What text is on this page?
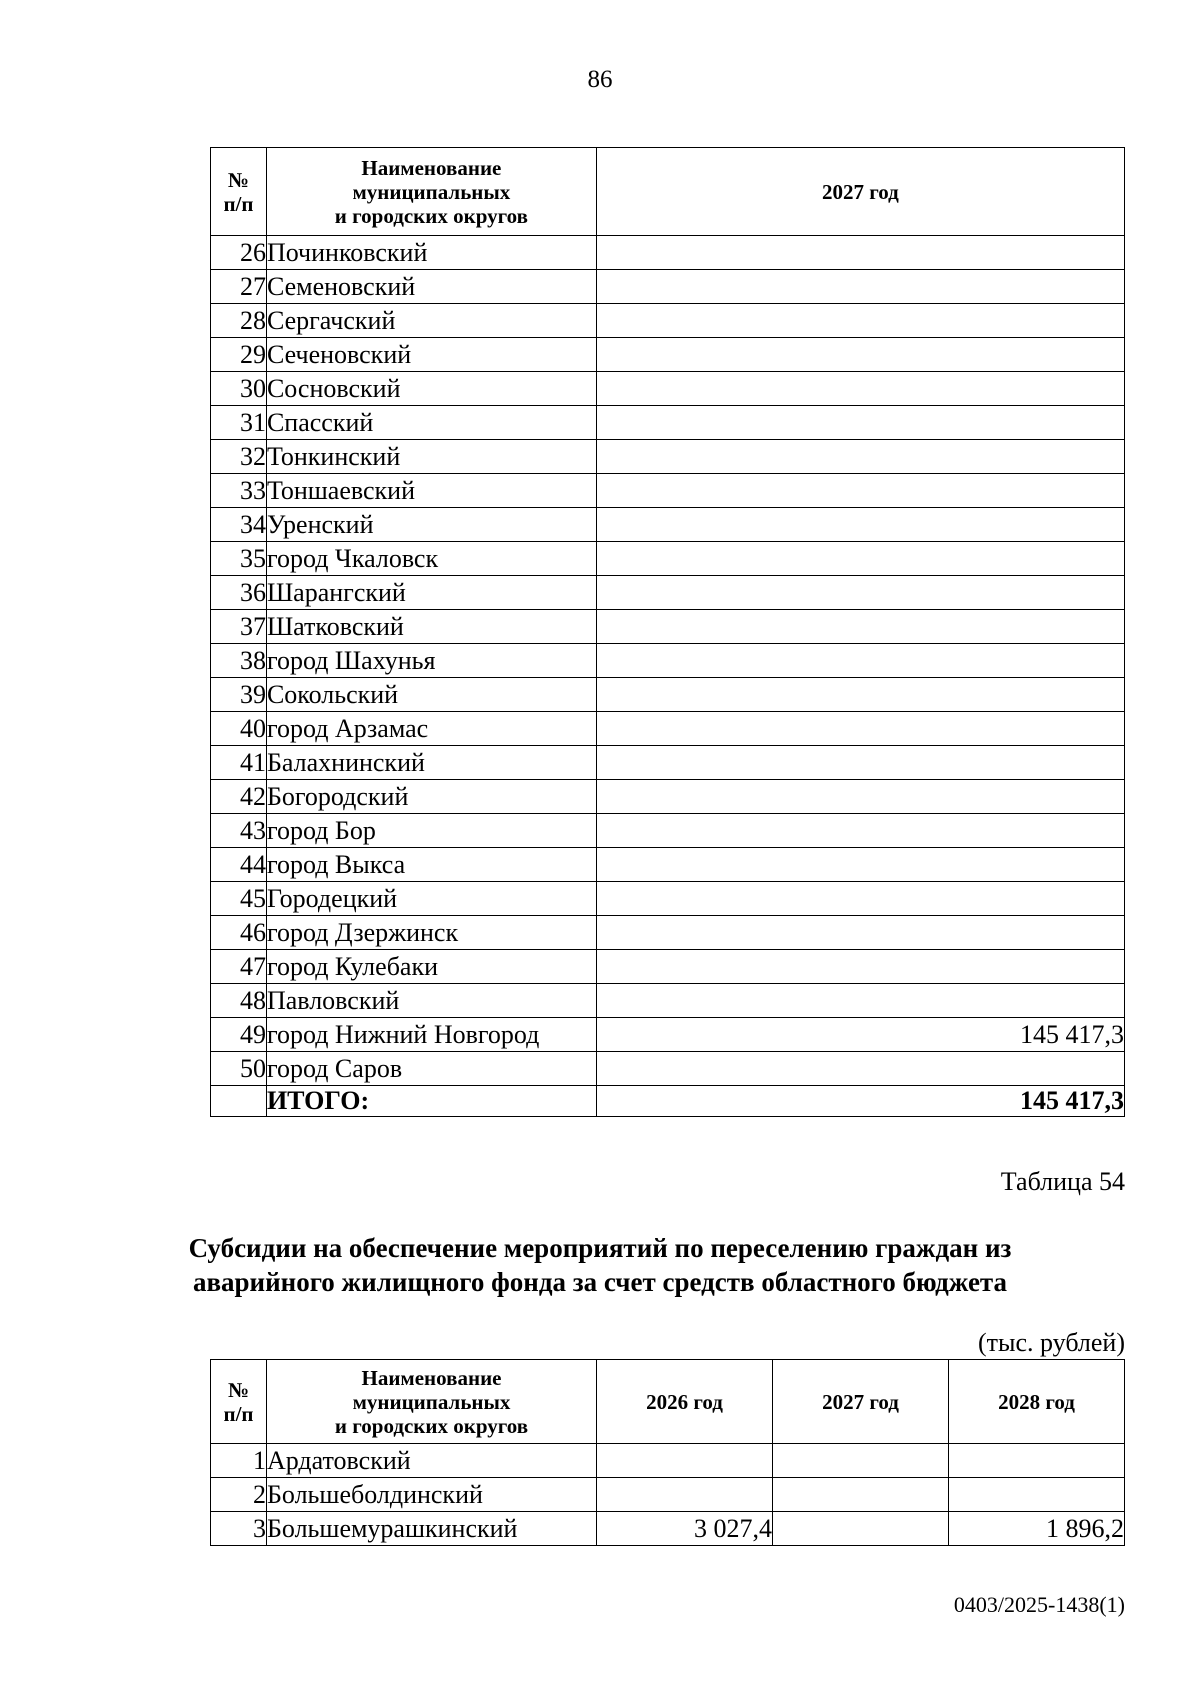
86
№
п/п	Наименование
муниципальных
и городских округов	2027 год
26	Починковский	
27	Семеновский	
28	Сергачский	
29	Сеченовский	
30	Сосновский	
31	Спасский	
32	Тонкинский	
33	Тоншаевский	
34	Уренский	
35	город Чкаловск	
36	Шарангский	
37	Шатковский	
38	город Шахунья	
39	Сокольский	
40	город Арзамас	
41	Балахнинский	
42	Богородский	
43	город Бор	
44	город Выкса	
45	Городецкий	
46	город Дзержинск	
47	город Кулебаки	
48	Павловский	
49	город Нижний Новгород	145 417,3
50	город Саров	
	ИТОГО:	145 417,3
Таблица 54
Субсидии на обеспечение мероприятий по переселению граждан из
аварийного жилищного фонда за счет средств областного бюджета
(тыс. рублей)
№
п/п	Наименование
муниципальных
и городских округов	2026 год	2027 год	2028 год
1	Ардатовский			
2	Большеболдинский			
3	Большемурашкинский	3 027,4		1 896,2
0403/2025-1438(1)
